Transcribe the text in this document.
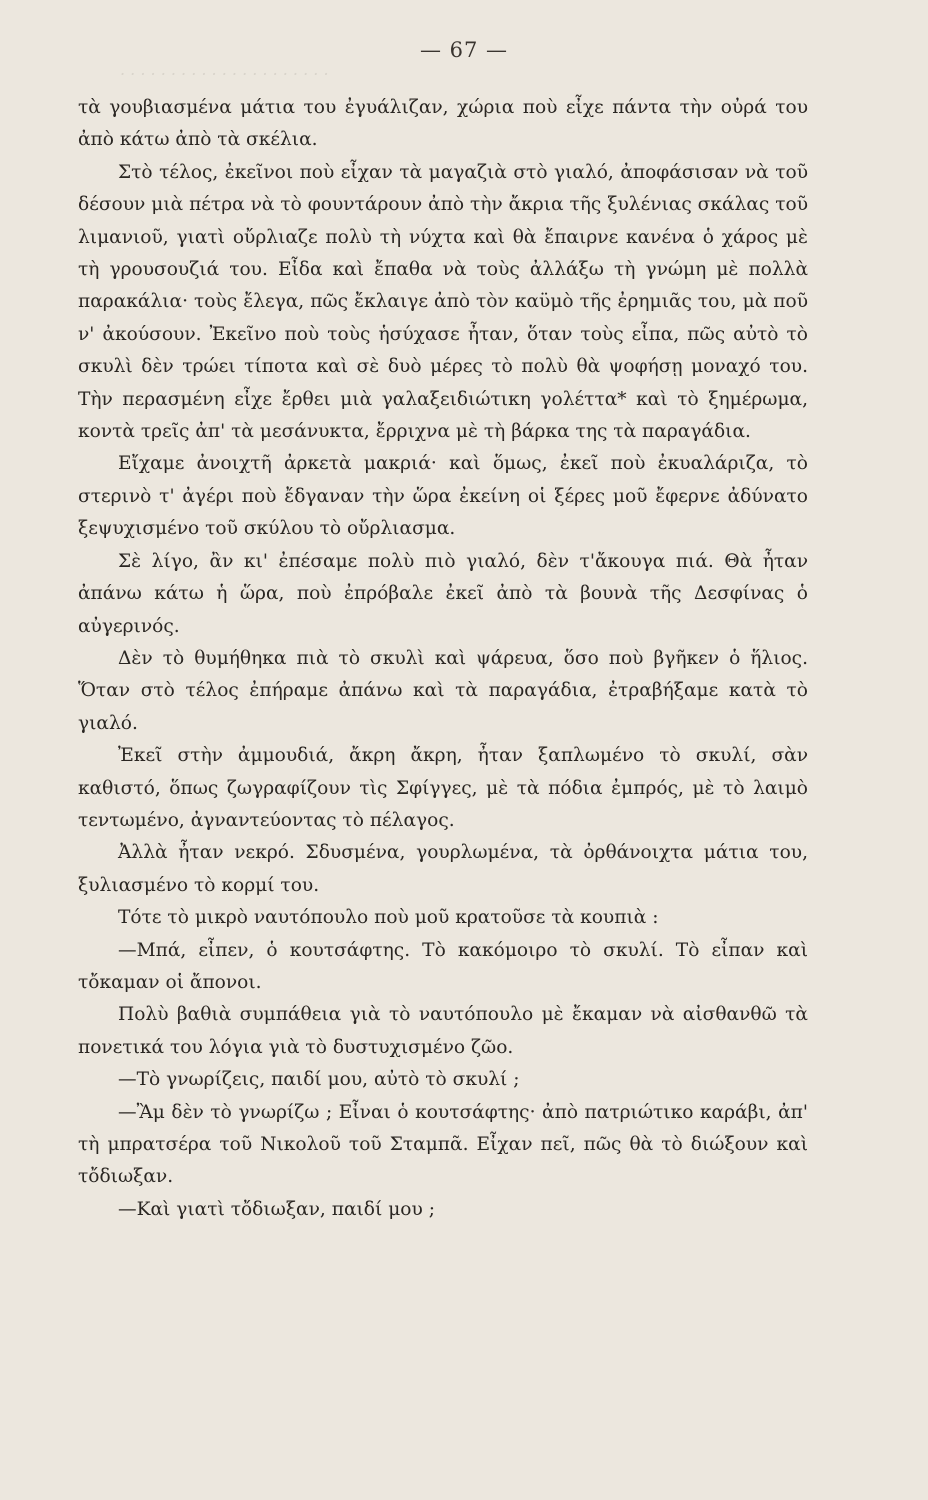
. . . . . . . . . . . . . . . . . . . . .
— 67 —

τὰ γουβιασμένα μάτια του ἐγυάλιζαν, χώρια ποὺ εἶχε πάντα τὴν οὐρά του ἀπὸ κάτω ἀπὸ τὰ σκέλια.

Στὸ τέλος, ἐκεῖνοι ποὺ εἶχαν τὰ μαγαζιὰ στὸ γιαλό, ἀποφάσισαν νὰ τοῦ δέσουν μιὰ πέτρα νὰ τὸ φουντάρουν ἀπὸ τὴν ἄκρια τῆς ξυλένιας σκάλας τοῦ λιμανιοῦ, γιατὶ οὔρλιαζε πολὺ τὴ νύχτα καὶ θὰ ἔπαιρνε κανένα ὁ χάρος μὲ τὴ γρουσουζιά του. Εἶδα καὶ ἔπαθα νὰ τοὺς ἀλλάξω τὴ γνώμη μὲ πολλὰ παρακάλια· τοὺς ἔλεγα, πῶς ἔκλαιγε ἀπὸ τὸν καϋμὸ τῆς ἐρημιᾶς του, μὰ ποῦ ν' ἀκούσουν. Ἐκεῖνο ποὺ τοὺς ἡσύχασε ἦταν, ὅταν τοὺς εἶπα, πῶς αὐτὸ τὸ σκυλὶ δὲν τρώει τίποτα καὶ σὲ δυὸ μέρες τὸ πολὺ θὰ ψοφήσῃ μοναχό του. Τὴν περασμένη εἶχε ἔρθει μιὰ γαλαξειδιώτικη γολέττα* καὶ τὸ ξημέρωμα, κοντὰ τρεῖς ἀπ' τὰ μεσάνυκτα, ἔρριχνα μὲ τὴ βάρκα της τὰ παραγάδια.

Εἴχαμε ἀνοιχτῆ ἀρκετὰ μακριά· καὶ ὅμως, ἐκεῖ ποὺ ἐκυαλάριζα, τὸ στερινὸ τ' ἀγέρι ποὺ ἔδγαναν τὴν ὥρα ἐκείνη οἱ ξέρες μοῦ ἔφερνε ἀδύνατο ξεψυχισμένο τοῦ σκύλου τὸ οὔρλιασμα.

Σὲ λίγο, ἂν κι' ἐπέσαμε πολὺ πιὸ γιαλό, δὲν τ'ἄκουγα πιά. Θὰ ἦταν ἀπάνω κάτω ἡ ὥρα, ποὺ ἐπρόβαλε ἐκεῖ ἀπὸ τὰ βουνὰ τῆς Δεσφίνας ὁ αὐγερινός.

Δὲν τὸ θυμήθηκα πιὰ τὸ σκυλὶ καὶ ψάρευα, ὅσο ποὺ βγῆκεν ὁ ἥλιος. Ὅταν στὸ τέλος ἐπήραμε ἀπάνω καὶ τὰ παραγάδια, ἐτραβήξαμε κατὰ τὸ γιαλό.

Ἐκεῖ στὴν ἀμμουδιά, ἄκρη ἄκρη, ἦταν ξαπλωμένο τὸ σκυλί, σὰν καθιστό, ὅπως ζωγραφίζουν τὶς Σφίγγες, μὲ τὰ πόδια ἐμπρός, μὲ τὸ λαιμὸ τεντωμένο, ἀγναντεύοντας τὸ πέλαγος.

Ἀλλὰ ἦταν νεκρό. Σδυσμένα, γουρλωμένα, τὰ ὀρθάνοιχτα μάτια του, ξυλιασμένο τὸ κορμί του.

Τότε τὸ μικρὸ ναυτόπουλο ποὺ μοῦ κρατοῦσε τὰ κουπιὰ :

—Μπά, εἶπεν, ὁ κουτσάφτης. Τὸ κακόμοιρο τὸ σκυλί. Τὸ εἶπαν καὶ τὄκαμαν οἱ ἄπονοι.

Πολὺ βαθιὰ συμπάθεια γιὰ τὸ ναυτόπουλο μὲ ἔκαμαν νὰ αἰσθανθῶ τὰ πονετικά του λόγια γιὰ τὸ δυστυχισμένο ζῶο.

—Τὸ γνωρίζεις, παιδί μου, αὐτὸ τὸ σκυλί ;

—Ἂμ δὲν τὸ γνωρίζω ; Εἶναι ὁ κουτσάφτης· ἀπὸ πατριώτικο καράβι, ἀπ' τὴ μπρατσέρα τοῦ Νικολοῦ τοῦ Σταμπᾶ. Εἶχαν πεῖ, πῶς θὰ τὸ διώξουν καὶ τὄδιωξαν.

—Καὶ γιατὶ τὄδιωξαν, παιδί μου ;
